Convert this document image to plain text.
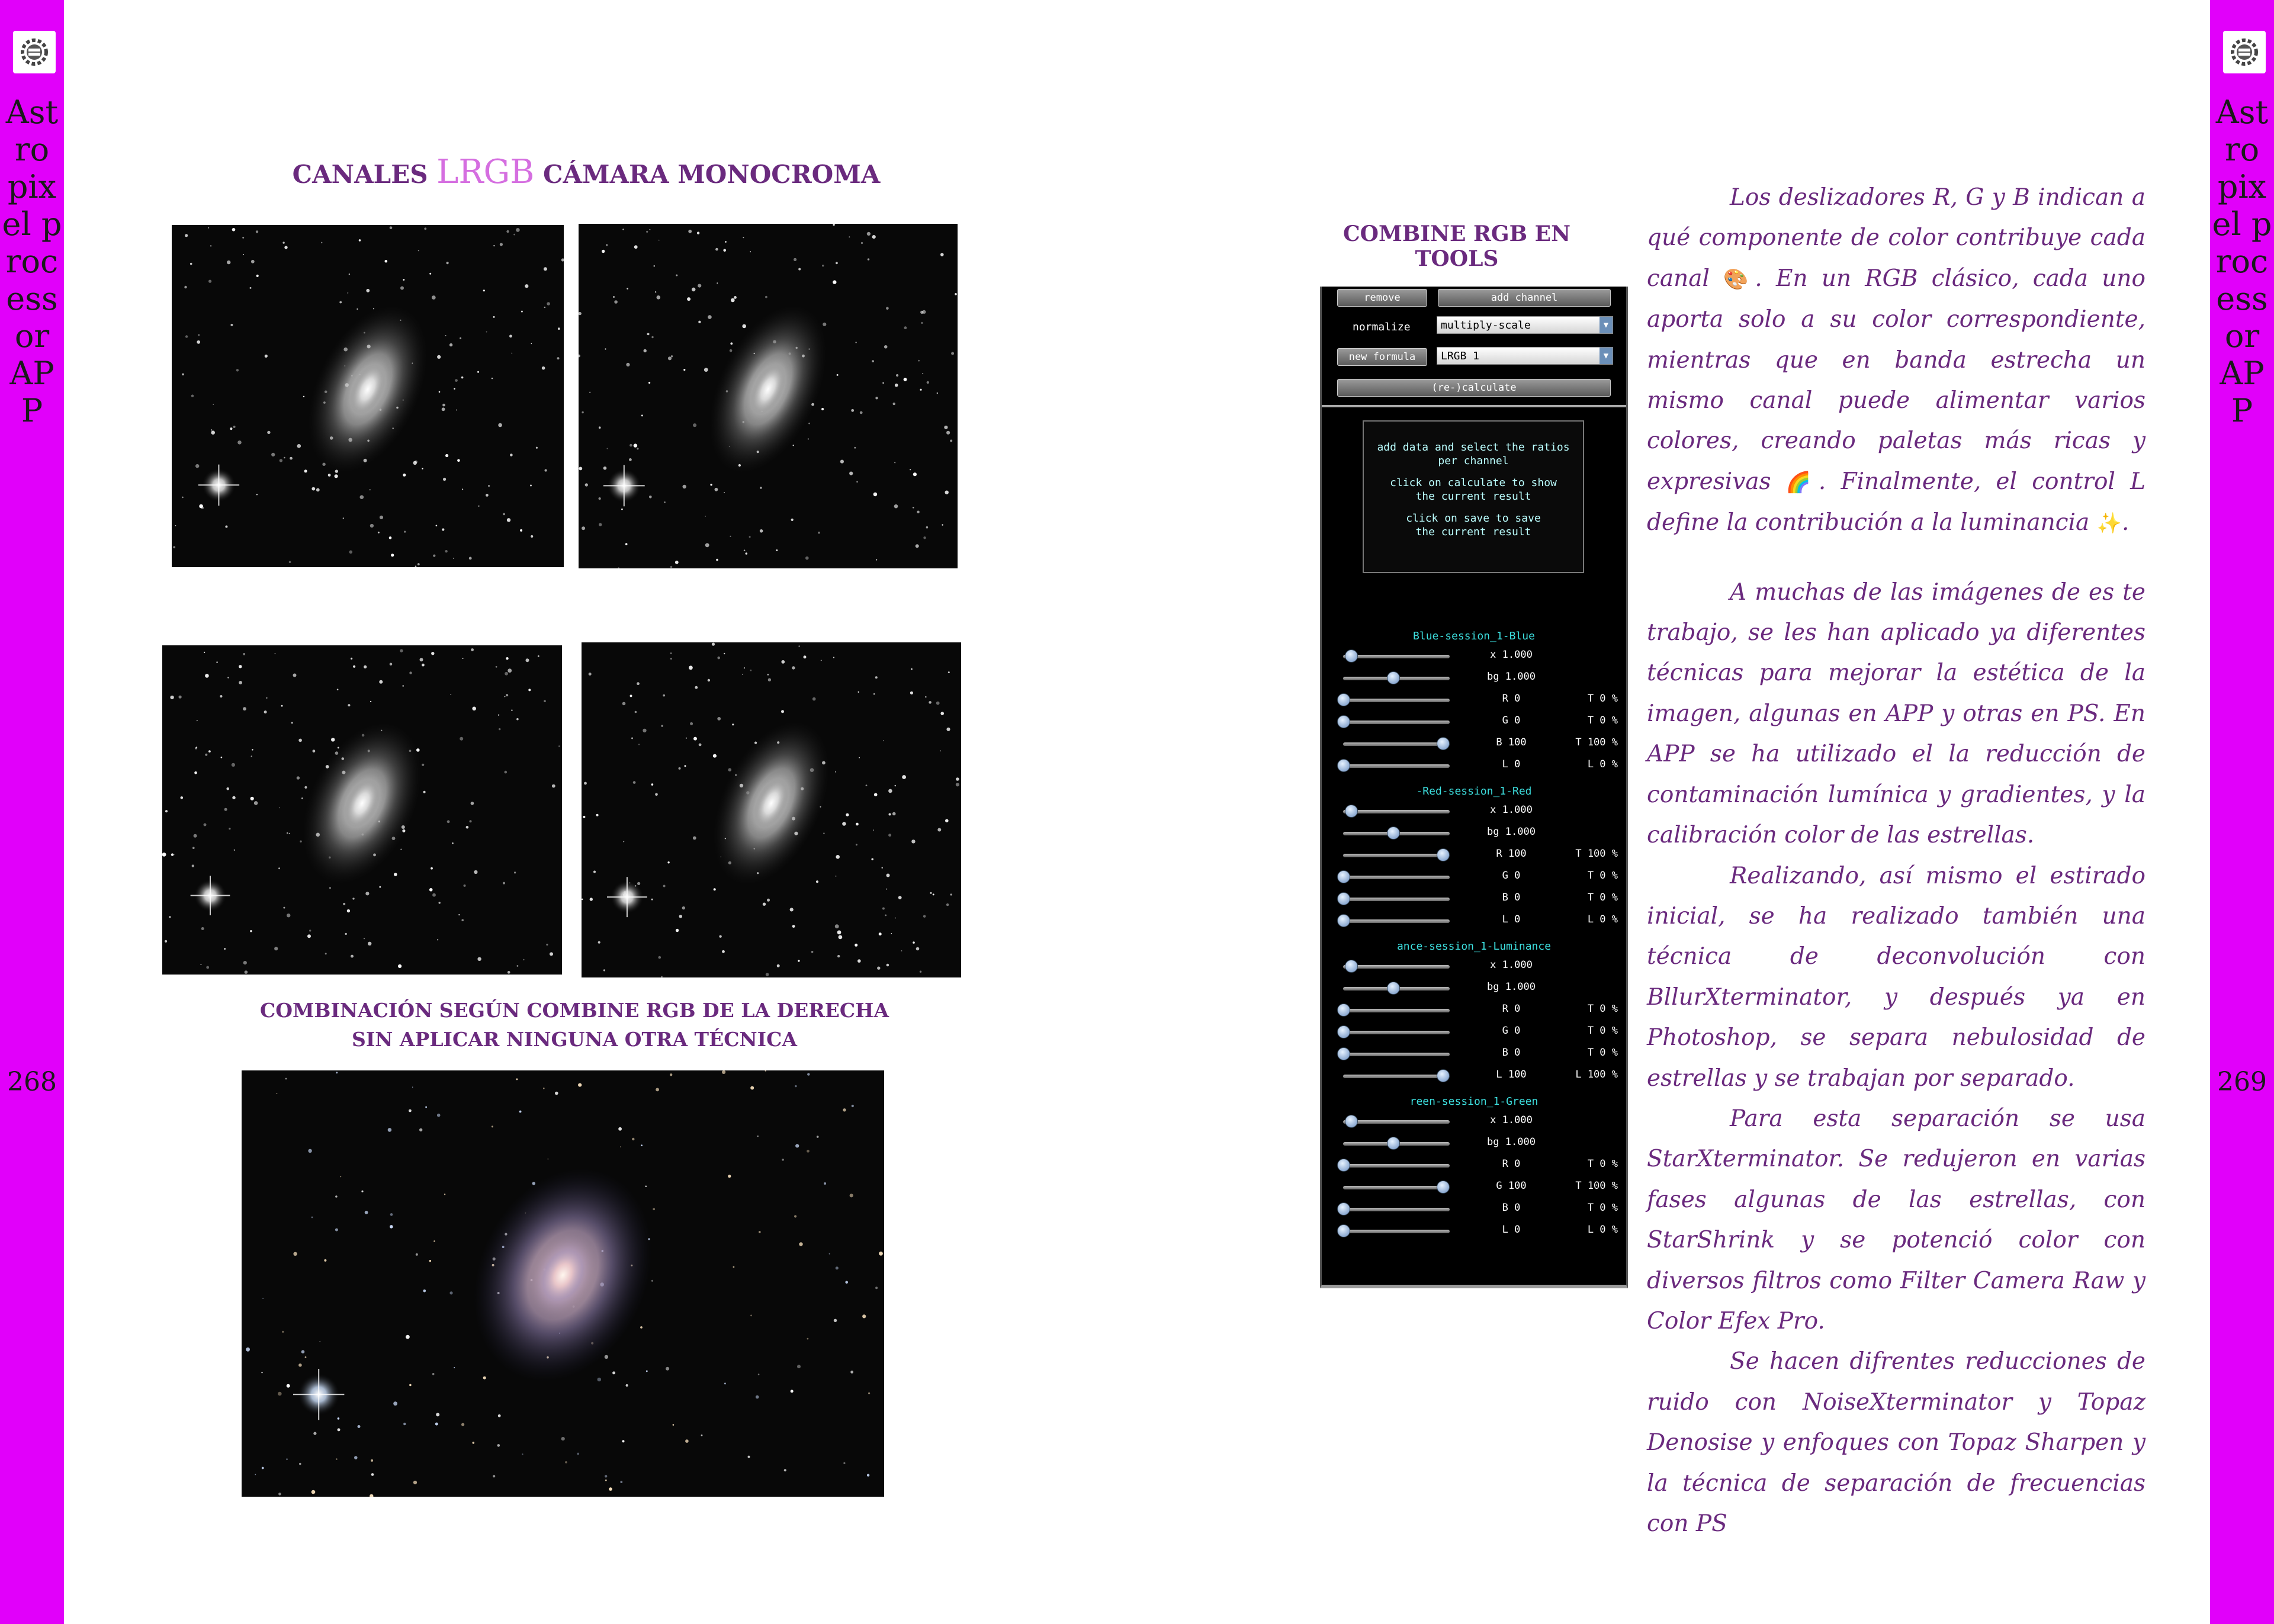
Astro pixel processor APP
268
Astro pixel processor APP
269
CANALES LRGB CÁMARA MONOCROMA
COMBINACIÓN SEGÚN COMBINE RGB DE LA DERECHA
SIN APLICAR NINGUNA OTRA TÉCNICA
COMBINE RGB EN TOOLS
remove	add channel
normalize	multiply-scale	▼
new formula	LRGB 1	▼
(re-)calculate
add data and select the ratios
per channel
click on calculate to show
the current result
click on save to save
the current result
Blue-session_1-Blue
x 1.000
bg 1.000
R 0	T 0 %
G 0	T 0 %
B 100	T 100 %
L 0	L 0 %
-Red-session_1-Red
x 1.000
bg 1.000
R 100	T 100 %
G 0	T 0 %
B 0	T 0 %
L 0	L 0 %
ance-session_1-Luminance
x 1.000
bg 1.000
R 0	T 0 %
G 0	T 0 %
B 0	T 0 %
L 100	L 100 %
reen-session_1-Green
x 1.000
bg 1.000
R 0	T 0 %
G 100	T 100 %
B 0	T 0 %
L 0	L 0 %

Los deslizadores R, G y B indican a qué componente de color contribuye cada canal 🎨. En un RGB clásico, cada uno aporta solo a su color correspondiente, mientras que en banda estrecha un mismo canal puede alimentar varios colores, creando paletas más ricas y expresivas 🌈. Finalmente, el control L define la contribución a la luminancia ✨.

A muchas de las imágenes de es te trabajo, se les han aplicado ya diferentes técnicas para mejorar la estética de la imagen, algunas en APP y otras en PS. En APP se ha utilizado el la reducción de contaminación lumínica y gradientes, y la calibración color de las estrellas.

Realizando, así mismo el estirado inicial, se ha realizado también una técnica de deconvolución con BllurXterminator, y después ya en Photoshop, se separa nebulosidad de estrellas y se trabajan por separado.

Para esta separación se usa StarXterminator. Se redujeron en varias fases algunas de las estrellas, con StarShrink y se potenció color con diversos filtros como Filter Camera Raw y Color Efex Pro.

Se hacen difrentes reducciones de ruido con NoiseXterminator y Topaz Denosise y enfoques con Topaz Sharpen y la técnica de separación de frecuencias con PS
